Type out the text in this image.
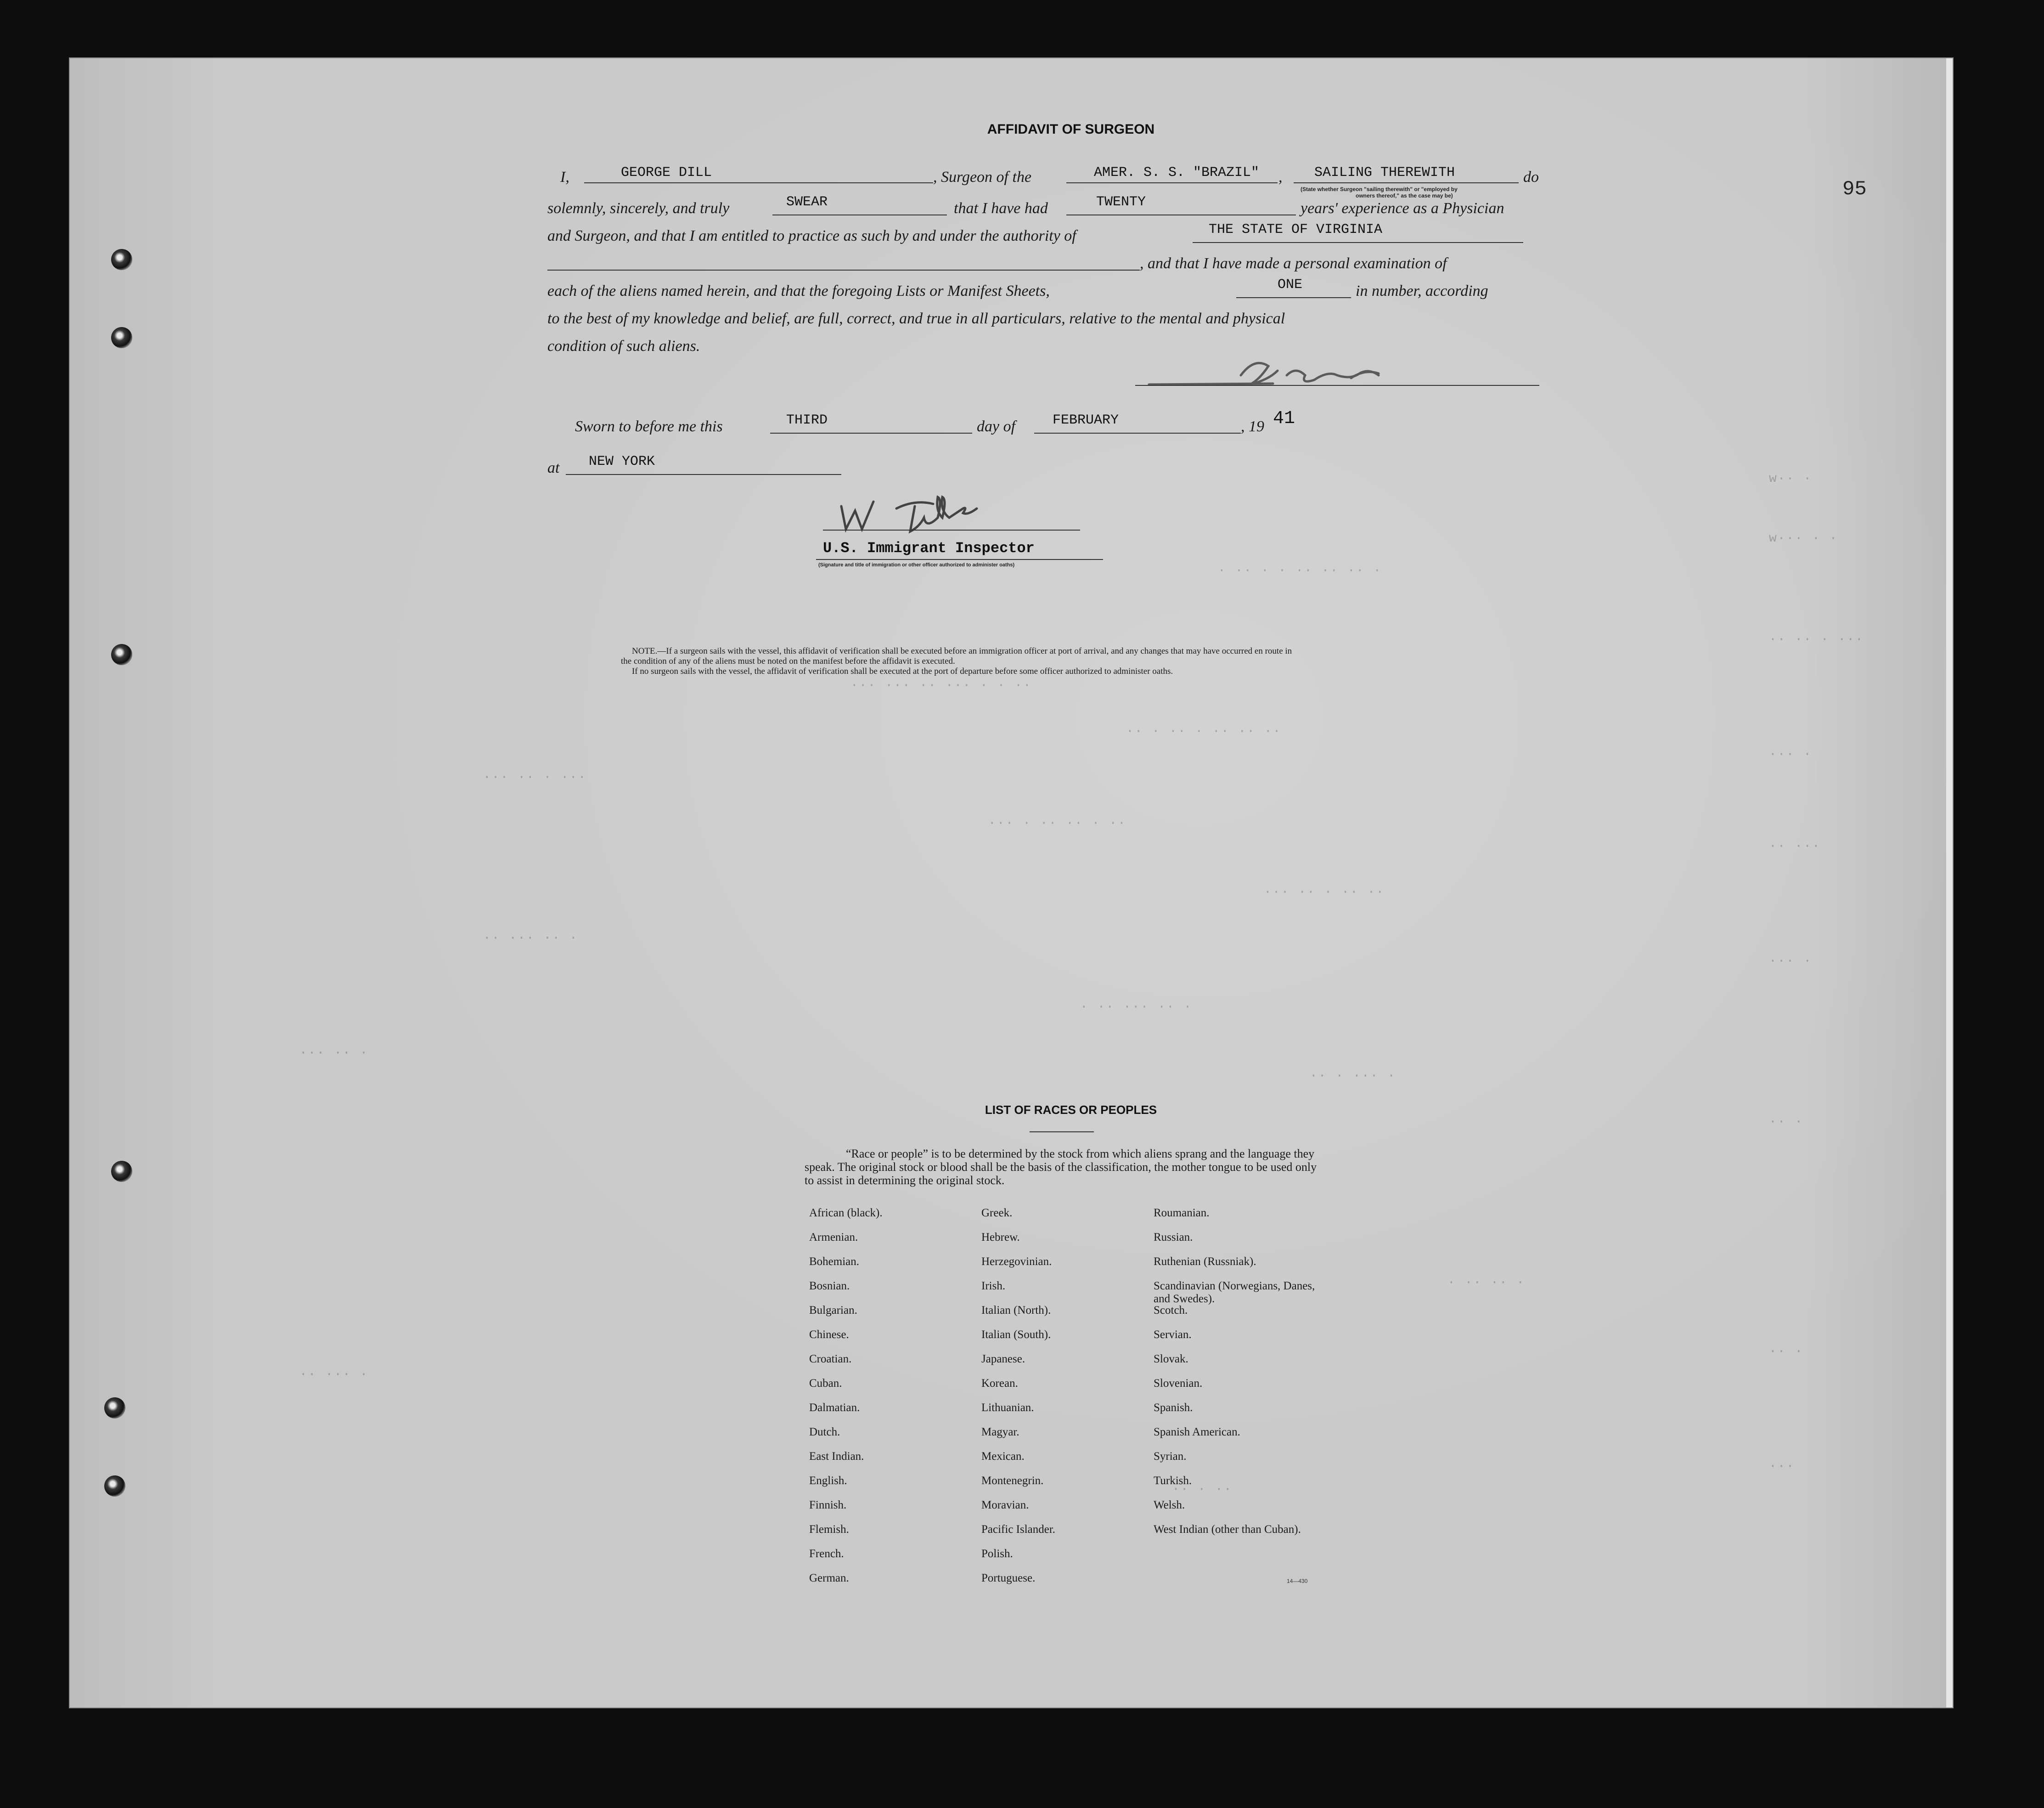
w·· ·
w··· · ·
· ·· · · ·· ·· ·· ·
·· ·· · ···
··· ··· ·· ··· · · ··
·· · ·· · ·· ·· ··
··· ·
··· ·· · ···
··· · ·· ·· · ··
·· ···
··· ·· · ·· ··
·· ··· ·· ·
··· ·
· ·· ··· ·· ·
··· ·· ·
·· · ··· ·
·· ·
· ·· ·· ·
·· ·
·· ··· ·
···
·· · ··
95
AFFIDAVIT OF SURGEON
I,	GEORGE DILL	, Surgeon of the	AMER. S. S. "BRAZIL" , SAILING THEREWITH	do
(State whether Surgeon "sailing therewith" or "employed by
owners thereof," as the case may be)
solemnly, sincerely, and truly	SWEAR	that I have had	TWENTY	years' experience as a Physician
and Surgeon, and that I am entitled to practice as such by and under the authority of	THE STATE OF VIRGINIA
, and that I have made a personal examination of
each of the aliens named herein, and that the foregoing Lists or Manifest Sheets,	ONE	in number, according
to the best of my knowledge and belief, are full, correct, and true in all particulars, relative to the mental and physical
condition of such aliens.
Sworn to before me this	THIRD	day of	FEBRUARY	, 19 41
at NEW YORK
U.S. Immigrant Inspector
(Signature and title of immigration or other officer authorized to administer oaths)

NOTE.—If a surgeon sails with the vessel, this affidavit of verification shall be executed before an immigration officer at port of arrival, and any changes that may have occurred en route in

the condition of any of the aliens must be noted on the manifest before the affidavit is executed.

If no surgeon sails with the vessel, the affidavit of verification shall be executed at the port of departure before some officer authorized to administer oaths.

LIST OF RACES OR PEOPLES
“Race or people” is to be determined by the stock from which aliens sprang and the language they speak. The original stock or blood shall be the basis of the classification, the mother tongue to be used only to assist in determining the original stock.
African (black).
Armenian.
Bohemian.
Bosnian.
Bulgarian.
Chinese.
Croatian.
Cuban.
Dalmatian.
Dutch.
East Indian.
English.
Finnish.
Flemish.
French.
German.
Greek.
Hebrew.
Herzegovinian.
Irish.
Italian (North).
Italian (South).
Japanese.
Korean.
Lithuanian.
Magyar.
Mexican.
Montenegrin.
Moravian.
Pacific Islander.
Polish.
Portuguese.
Roumanian.
Russian.
Ruthenian (Russniak).
Scandinavian (Norwegians, Danes, and Swedes).
Scotch.
Servian.
Slovak.
Slovenian.
Spanish.
Spanish American.
Syrian.
Turkish.
Welsh.
West Indian (other than Cuban).
14—430
